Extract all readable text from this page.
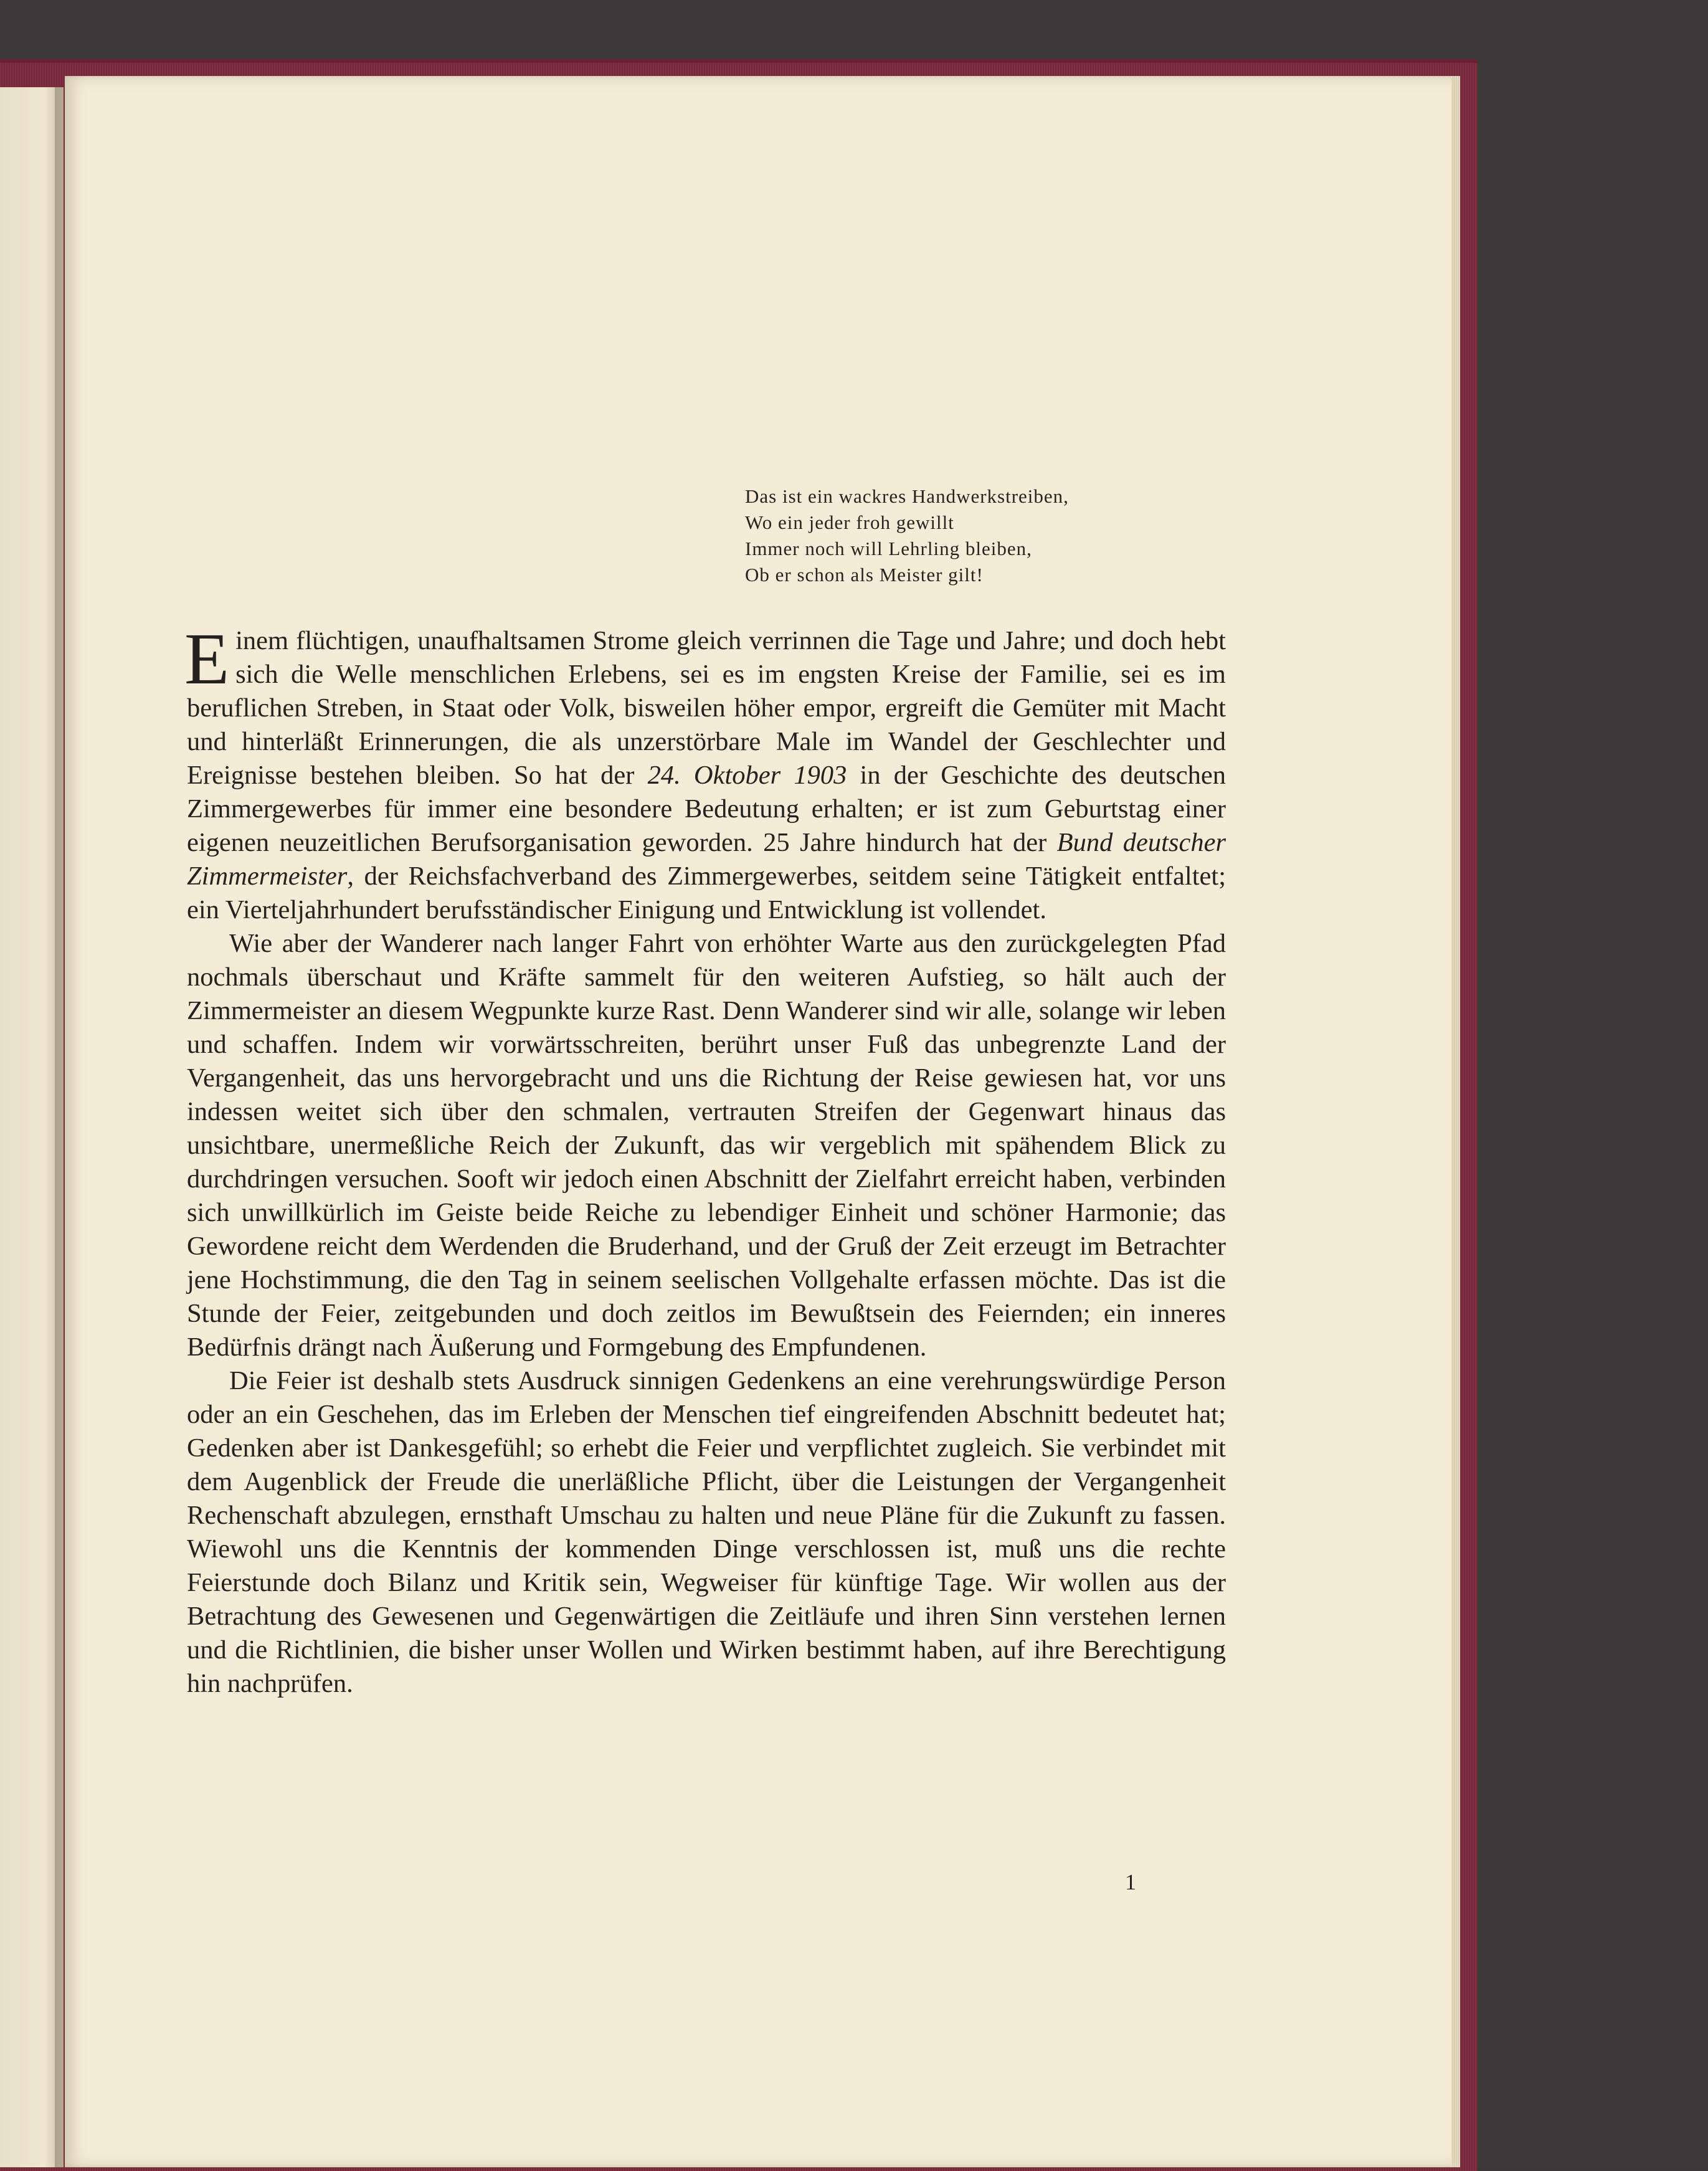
Das ist ein wackres Handwerkstreiben,
Wo ein jeder froh gewillt
Immer noch will Lehrling bleiben,
Ob er schon als Meister gilt!

Einem flüchtigen, unaufhaltsamen Strome gleich verrinnen die Tage und Jahre; und doch hebt sich die Welle menschlichen Erlebens, sei es im engsten Kreise der Familie, sei es im beruflichen Streben, in Staat oder Volk, bisweilen höher empor, ergreift die Gemüter mit Macht und hinterläßt Erinnerungen, die als unzerstörbare Male im Wandel der Geschlechter und Ereignisse bestehen bleiben. So hat der 24. Oktober 1903 in der Geschichte des deutschen Zimmergewerbes für immer eine besondere Bedeutung erhalten; er ist zum Geburtstag einer eigenen neuzeitlichen Berufsorganisation geworden. 25 Jahre hindurch hat der Bund deutscher Zimmermeister, der Reichsfachverband des Zimmergewerbes, seitdem seine Tätigkeit entfaltet; ein Vierteljahrhundert berufsständischer Einigung und Entwicklung ist vollendet.

Wie aber der Wanderer nach langer Fahrt von erhöhter Warte aus den zurückgelegten Pfad nochmals überschaut und Kräfte sammelt für den weiteren Aufstieg, so hält auch der Zimmermeister an diesem Wegpunkte kurze Rast. Denn Wanderer sind wir alle, solange wir leben und schaffen. Indem wir vorwärtsschreiten, berührt unser Fuß das unbegrenzte Land der Vergangenheit, das uns hervorgebracht und uns die Richtung der Reise gewiesen hat, vor uns indessen weitet sich über den schmalen, vertrauten Streifen der Gegenwart hinaus das unsichtbare, unermeßliche Reich der Zukunft, das wir vergeblich mit spähendem Blick zu durchdringen versuchen. Sooft wir jedoch einen Abschnitt der Zielfahrt erreicht haben, verbinden sich unwillkürlich im Geiste beide Reiche zu lebendiger Einheit und schöner Harmonie; das Gewordene reicht dem Werdenden die Bruderhand, und der Gruß der Zeit erzeugt im Betrachter jene Hochstimmung, die den Tag in seinem seelischen Vollgehalte erfassen möchte. Das ist die Stunde der Feier, zeitgebunden und doch zeitlos im Bewußtsein des Feiernden; ein inneres Bedürfnis drängt nach Äußerung und Formgebung des Empfundenen.

Die Feier ist deshalb stets Ausdruck sinnigen Gedenkens an eine verehrungswürdige Person oder an ein Geschehen, das im Erleben der Menschen tief eingreifenden Abschnitt bedeutet hat; Gedenken aber ist Dankesgefühl; so erhebt die Feier und verpflichtet zugleich. Sie verbindet mit dem Augenblick der Freude die unerläßliche Pflicht, über die Leistungen der Vergangenheit Rechenschaft abzulegen, ernsthaft Umschau zu halten und neue Pläne für die Zukunft zu fassen. Wiewohl uns die Kenntnis der kommenden Dinge verschlossen ist, muß uns die rechte Feierstunde doch Bilanz und Kritik sein, Wegweiser für künftige Tage. Wir wollen aus der Betrachtung des Gewesenen und Gegenwärtigen die Zeitläufe und ihren Sinn verstehen lernen und die Richtlinien, die bisher unser Wollen und Wirken bestimmt haben, auf ihre Berechtigung hin nachprüfen.

1
